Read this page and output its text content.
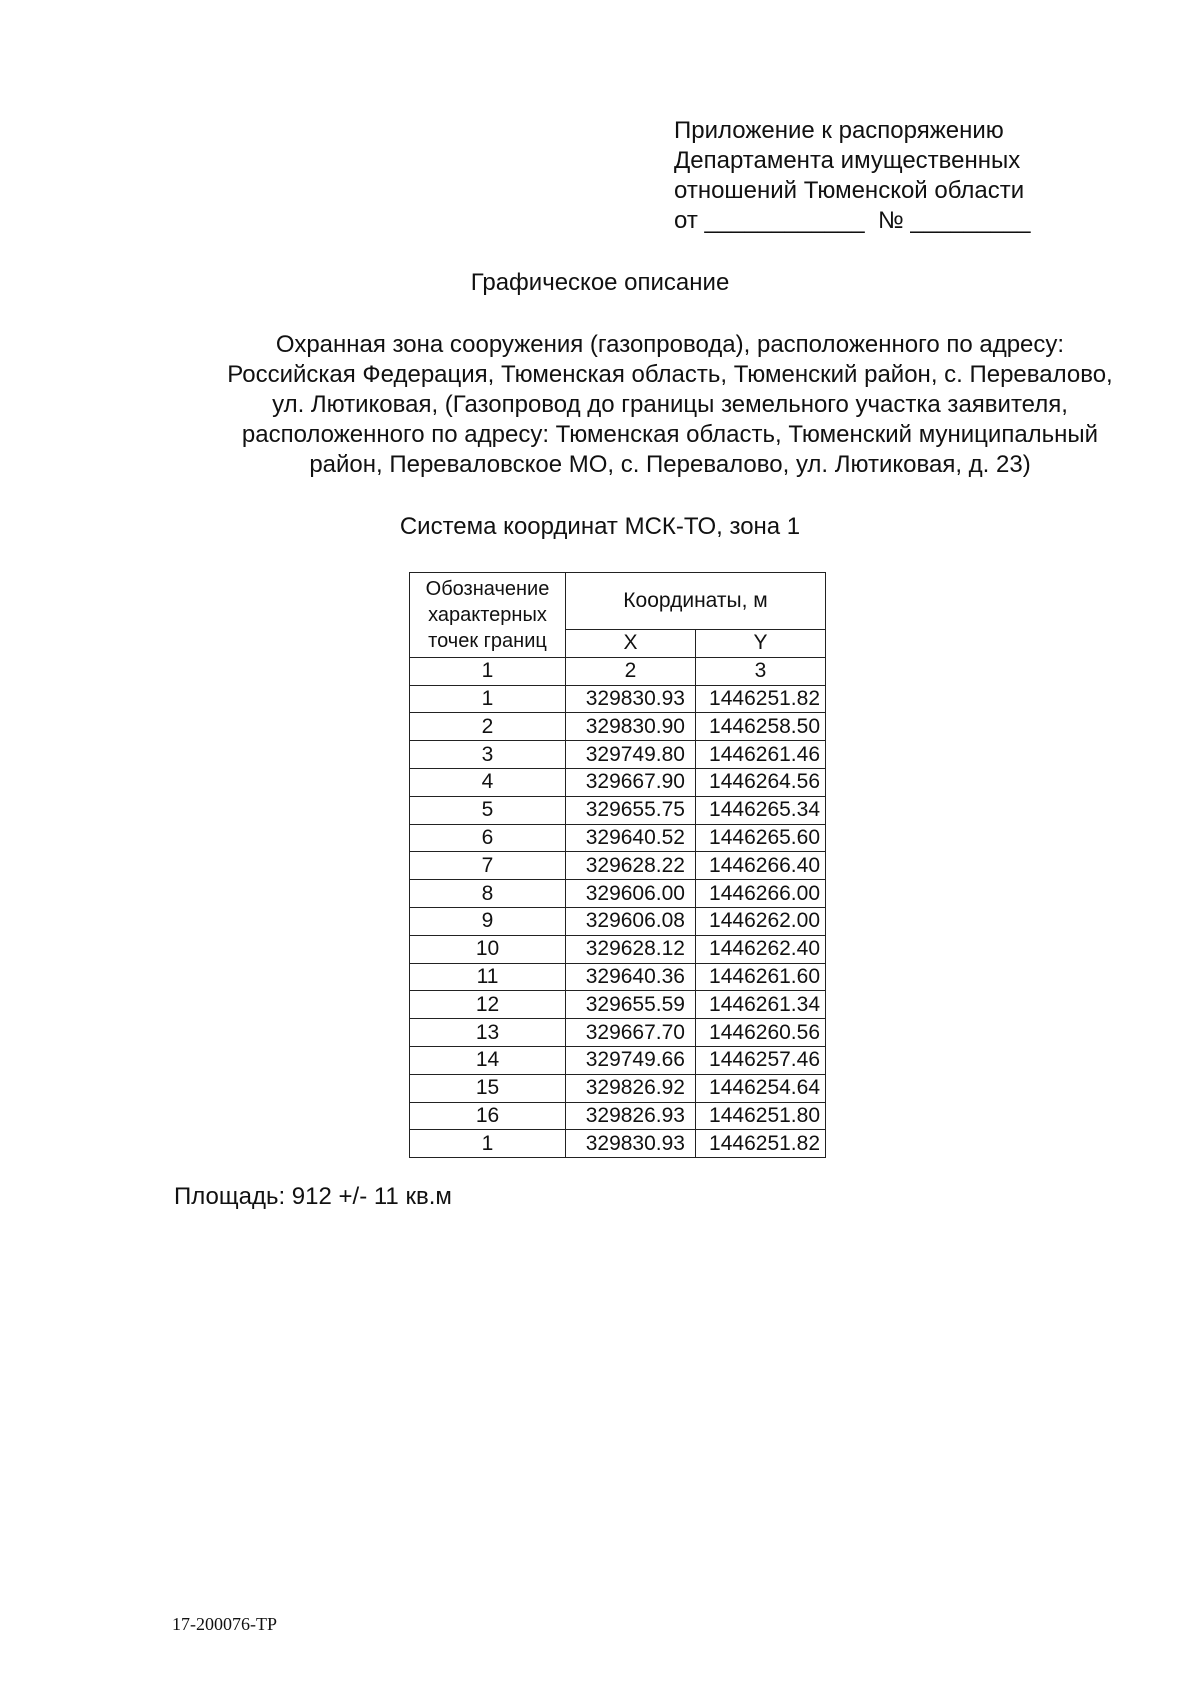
Приложение к распоряжению
Департамента имущественных
отношений Тюменской области
от ____________  № _________
Графическое описание
Охранная зона сооружения (газопровода), расположенного по адресу:
Российская Федерация, Тюменская область, Тюменский район, с. Перевалово,
ул. Лютиковая, (Газопровод до границы земельного участка заявителя,
расположенного по адресу: Тюменская область, Тюменский муниципальный
район, Переваловское МО, с. Перевалово, ул. Лютиковая, д. 23)
Система координат МСК-ТО, зона 1
Обозначение характерных точек границ	Координаты, м	
	X	Y
1	2	3
1	329830.93	1446251.82
2	329830.90	1446258.50
3	329749.80	1446261.46
4	329667.90	1446264.56
5	329655.75	1446265.34
6	329640.52	1446265.60
7	329628.22	1446266.40
8	329606.00	1446266.00
9	329606.08	1446262.00
10	329628.12	1446262.40
11	329640.36	1446261.60
12	329655.59	1446261.34
13	329667.70	1446260.56
14	329749.66	1446257.46
15	329826.92	1446254.64
16	329826.93	1446251.80
1	329830.93	1446251.82
Площадь: 912 +/- 11 кв.м
17-200076-ТР
